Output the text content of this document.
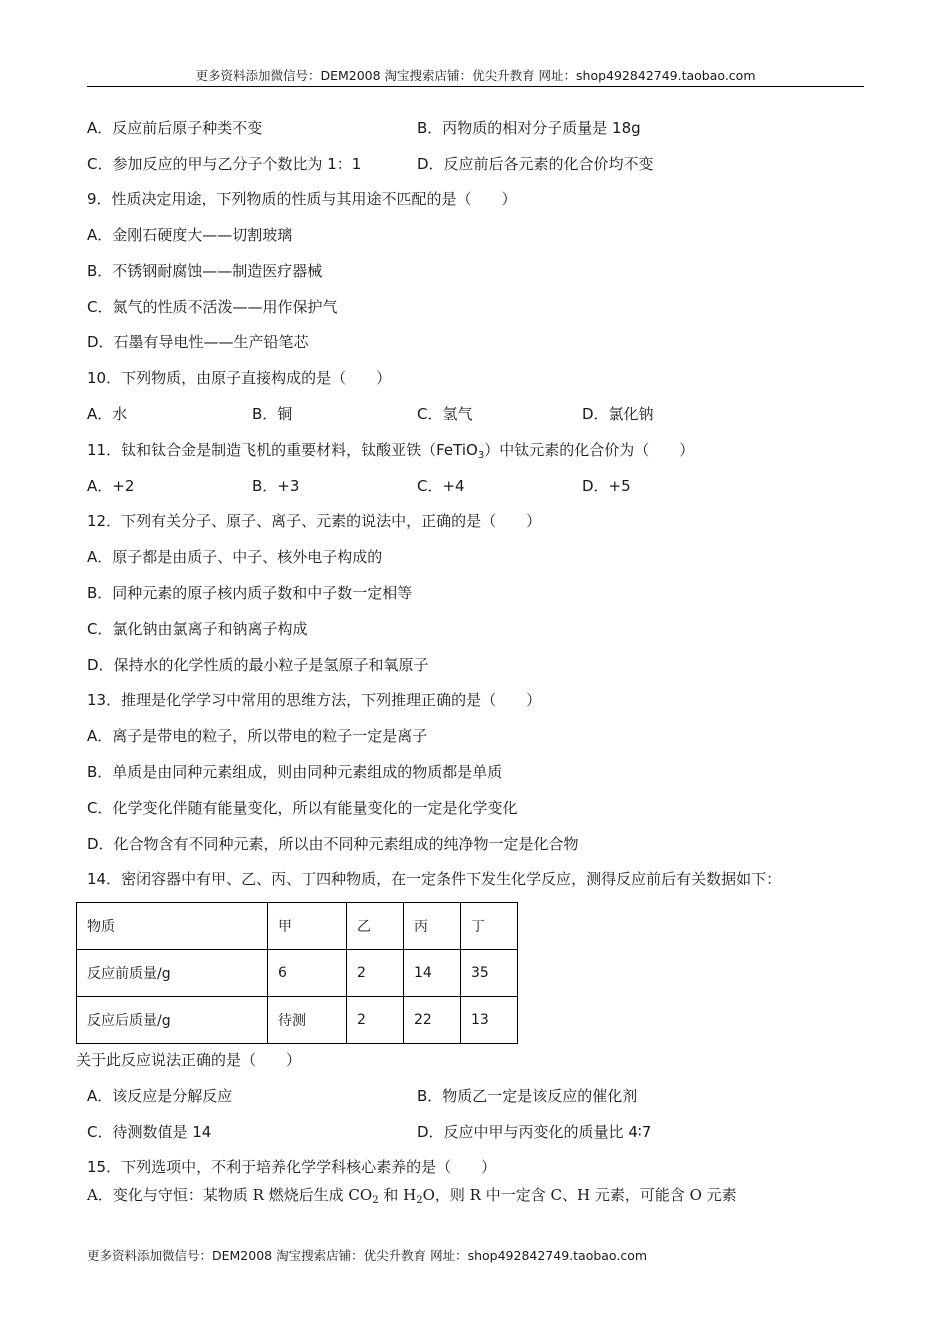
更多资料添加微信号：DEM2008 淘宝搜索店铺：优尖升教育 网址：shop492842749.taobao.com
A．反应前后原子种类不变	B．丙物质的相对分子质量是 18g
C．参加反应的甲与乙分子个数比为 1：1	D．反应前后各元素的化合价均不变
9．性质决定用途，下列物质的性质与其用途不匹配的是（　　）
A．金刚石硬度大——切割玻璃
B．不锈钢耐腐蚀——制造医疗器械
C．氮气的性质不活泼——用作保护气
D．石墨有导电性——生产铅笔芯
10．下列物质，由原子直接构成的是（　　）
A．水	B．铜	C．氢气	D．氯化钠
11．钛和钛合金是制造飞机的重要材料，钛酸亚铁（FeTiO$_3$）中钛元素的化合价为（　　）
A．+2	B．+3	C．+4	D．+5
12．下列有关分子、原子、离子、元素的说法中，正确的是（　　）
A．原子都是由质子、中子、核外电子构成的
B．同种元素的原子核内质子数和中子数一定相等
C．氯化钠由氯离子和钠离子构成
D．保持水的化学性质的最小粒子是氢原子和氧原子
13．推理是化学学习中常用的思维方法，下列推理正确的是（　　）
A．离子是带电的粒子，所以带电的粒子一定是离子
B．单质是由同种元素组成，则由同种元素组成的物质都是单质
C．化学变化伴随有能量变化，所以有能量变化的一定是化学变化
D．化合物含有不同种元素，所以由不同种元素组成的纯净物一定是化合物
14．密闭容器中有甲、乙、丙、丁四种物质，在一定条件下发生化学反应，测得反应前后有关数据如下：
物质	甲	乙	丙	丁
反应前质量/g	6	2	14	35
反应后质量/g	待测	2	22	13
关于此反应说法正确的是（　　）
A．该反应是分解反应	B．物质乙一定是该反应的催化剂
C．待测数值是 14	D．反应中甲与丙变化的质量比 4∶7
15．下列选项中，不利于培养化学学科核心素养的是（　　）
A．变化与守恒：某物质 R 燃烧后生成 $CO_2$ 和 $H_2O$，则 R 中一定含 C、H 元素，可能含 O 元素
更多资料添加微信号：DEM2008 淘宝搜索店铺：优尖升教育 网址：shop492842749.taobao.com
